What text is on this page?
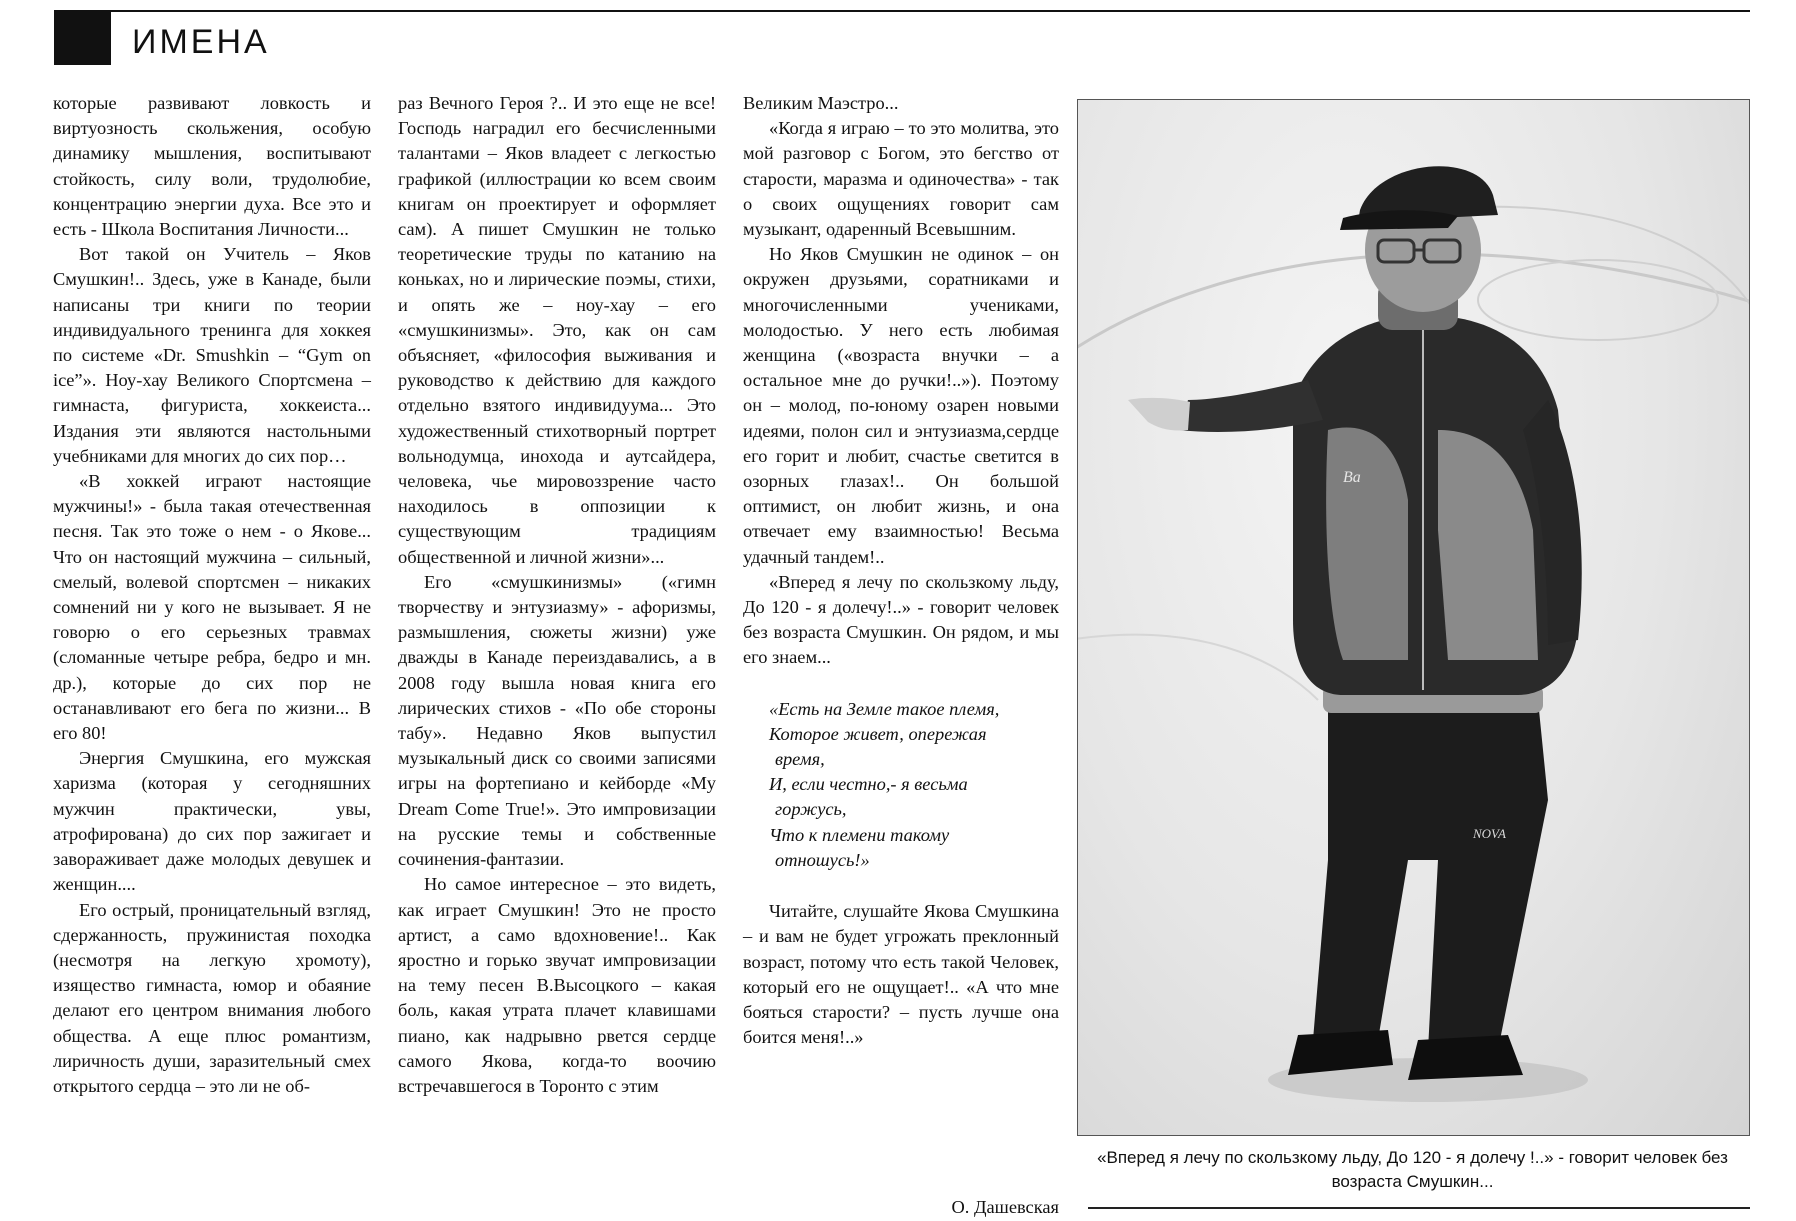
ИМЕНА

которые развивают ловкость и виртуозность скольжения, особую динамику мышления, воспитывают стойкость, силу воли, трудолюбие, концентрацию энергии духа. Все это и есть - Школа Воспитания Личности...

Вот такой он Учитель – Яков Смушкин!.. Здесь, уже в Канаде, были написаны три книги по теории индивидуального тренинга для хоккея по системе «Dr. Smushkin – “Gym on ice”». Ноу-хау Великого Спортсмена – гимнаста, фигуриста, хоккеиста... Издания эти являются настольными учебниками для многих до сих пор…

«В хоккей играют настоящие мужчины!» - была такая отечественная песня. Так это тоже о нем - о Якове... Что он настоящий мужчина – сильный, смелый, волевой спортсмен – никаких сомнений ни у кого не вызывает. Я не говорю о его серьезных травмах (сломанные четыре ребра, бедро и мн. др.), которые до сих пор не останавливают его бега по жизни... В его 80!

Энергия Смушкина, его мужская харизма (которая у сегодняшних мужчин практически, увы, атрофирована) до сих пор зажигает и завораживает даже молодых девушек и женщин....

Его острый, проницательный взгляд, сдержанность, пружинистая походка (несмотря на легкую хромоту), изящество гимнаста, юмор и обаяние делают его центром внимания любого общества. А еще плюс романтизм, лиричность души, заразительный смех открытого сердца – это ли не об-

раз Вечного Героя ?.. И это еще не все! Господь наградил его бесчисленными талантами – Яков владеет с легкостью графикой (иллюстрации ко всем своим книгам он проектирует и оформляет сам). А пишет Смушкин не только теоретические труды по катанию на коньках, но и лирические поэмы, стихи, и опять же – ноу-хау – его «смушкинизмы». Это, как он сам объясняет, «философия выживания и руководство к действию для каждого отдельно взятого индивидуума... Это художественный стихотворный портрет вольнодумца, инохода и аутсайдера, человека, чье мировоззрение часто находилось в оппозиции к существующим традициям общественной и личной жизни»...

Его «смушкинизмы» («гимн творчеству и энтузиазму» - афоризмы, размышления, сюжеты жизни) уже дважды в Канаде переиздавались, а в 2008 году вышла новая книга его лирических стихов - «По обе стороны табу». Недавно Яков выпустил музыкальный диск со своими записями игры на фортепиано и кейборде «My Dream Come True!». Это импровизации на русские темы и собственные сочинения-фантазии.

Но самое интересное – это видеть, как играет Смушкин! Это не просто артист, а само вдохновение!.. Как яростно и горько звучат импровизации на тему песен В.Высоцкого – какая боль, какая утрата плачет клавишами пиано, как надрывно рвется сердце самого Якова, когда-то воочию встречавшегося в Торонто с этим

Великим Маэстро...

«Когда я играю – то это молитва, это мой разговор с Богом, это бегство от старости, маразма и одиночества» - так о своих ощущениях говорит сам музыкант, одаренный Всевышним.

Но Яков Смушкин не одинок – он окружен друзьями, соратниками и многочисленными учениками, молодостью. У него есть любимая женщина («возраста внучки – а остальное мне до ручки!..»). Поэтому он – молод, по-юному озарен новыми идеями, полон сил и энтузиазма,сердце его горит и любит, счастье светится в озорных глазах!.. Он большой оптимист, он любит жизнь, и она отвечает ему взаимностью! Весьма удачный тандем!..

«Вперед я лечу по скользкому льду, До 120 - я долечу!..» - говорит человек без возраста Смушкин. Он рядом, и мы его знаем...

«Есть на Земле такое племя,
Которое живет, опережая
время,
И, если честно,- я весьма
горжусь,
Что к племени такому
отношусь!»

Читайте, слушайте Якова Смушкина – и вам не будет угрожать преклонный возраст, потому что есть такой Человек, который его не ощущает!.. «А что мне бояться старости? – пусть лучше она боится меня!..»

О. Дашевская
Ba
NOVA
«Вперед я лечу по скользкому льду, До 120 - я долечу !..» - говорит человек без возраста Смушкин...
